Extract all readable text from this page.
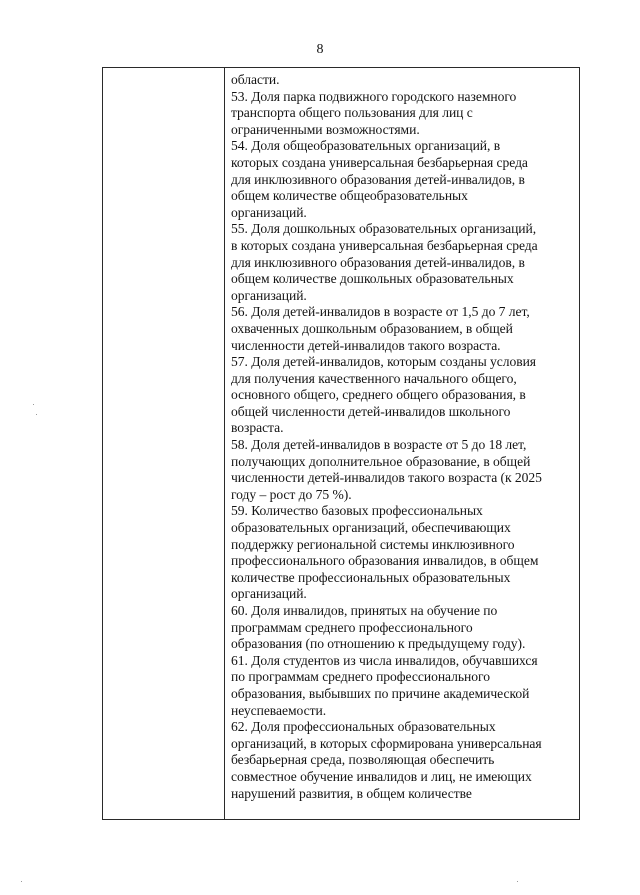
8
области.
53. Доля парка подвижного городского наземного
транспорта общего пользования для лиц с
ограниченными возможностями.
54. Доля общеобразовательных организаций, в
которых создана универсальная безбарьерная среда
для инклюзивного образования детей-инвалидов, в
общем количестве общеобразовательных
организаций.
55. Доля дошкольных образовательных организаций,
в которых создана универсальная безбарьерная среда
для инклюзивного образования детей-инвалидов, в
общем количестве дошкольных образовательных
организаций.
56. Доля детей-инвалидов в возрасте от 1,5 до 7 лет,
охваченных дошкольным образованием, в общей
численности детей-инвалидов такого возраста.
57. Доля детей-инвалидов, которым созданы условия
для получения качественного начального общего,
основного общего, среднего общего образования, в
общей численности детей-инвалидов школьного
возраста.
58. Доля детей-инвалидов в возрасте от 5 до 18 лет,
получающих дополнительное образование, в общей
численности детей-инвалидов такого возраста (к 2025
году – рост до 75 %).
59. Количество базовых профессиональных
образовательных организаций, обеспечивающих
поддержку региональной системы инклюзивного
профессионального образования инвалидов, в общем
количестве профессиональных образовательных
организаций.
60. Доля инвалидов, принятых на обучение по
программам среднего профессионального
образования (по отношению к предыдущему году).
61. Доля студентов из числа инвалидов, обучавшихся
по программам среднего профессионального
образования, выбывших по причине академической
неуспеваемости.
62. Доля профессиональных образовательных
организаций, в которых сформирована универсальная
безбарьерная среда, позволяющая обеспечить
совместное обучение инвалидов и лиц, не имеющих
нарушений развития, в общем количестве
